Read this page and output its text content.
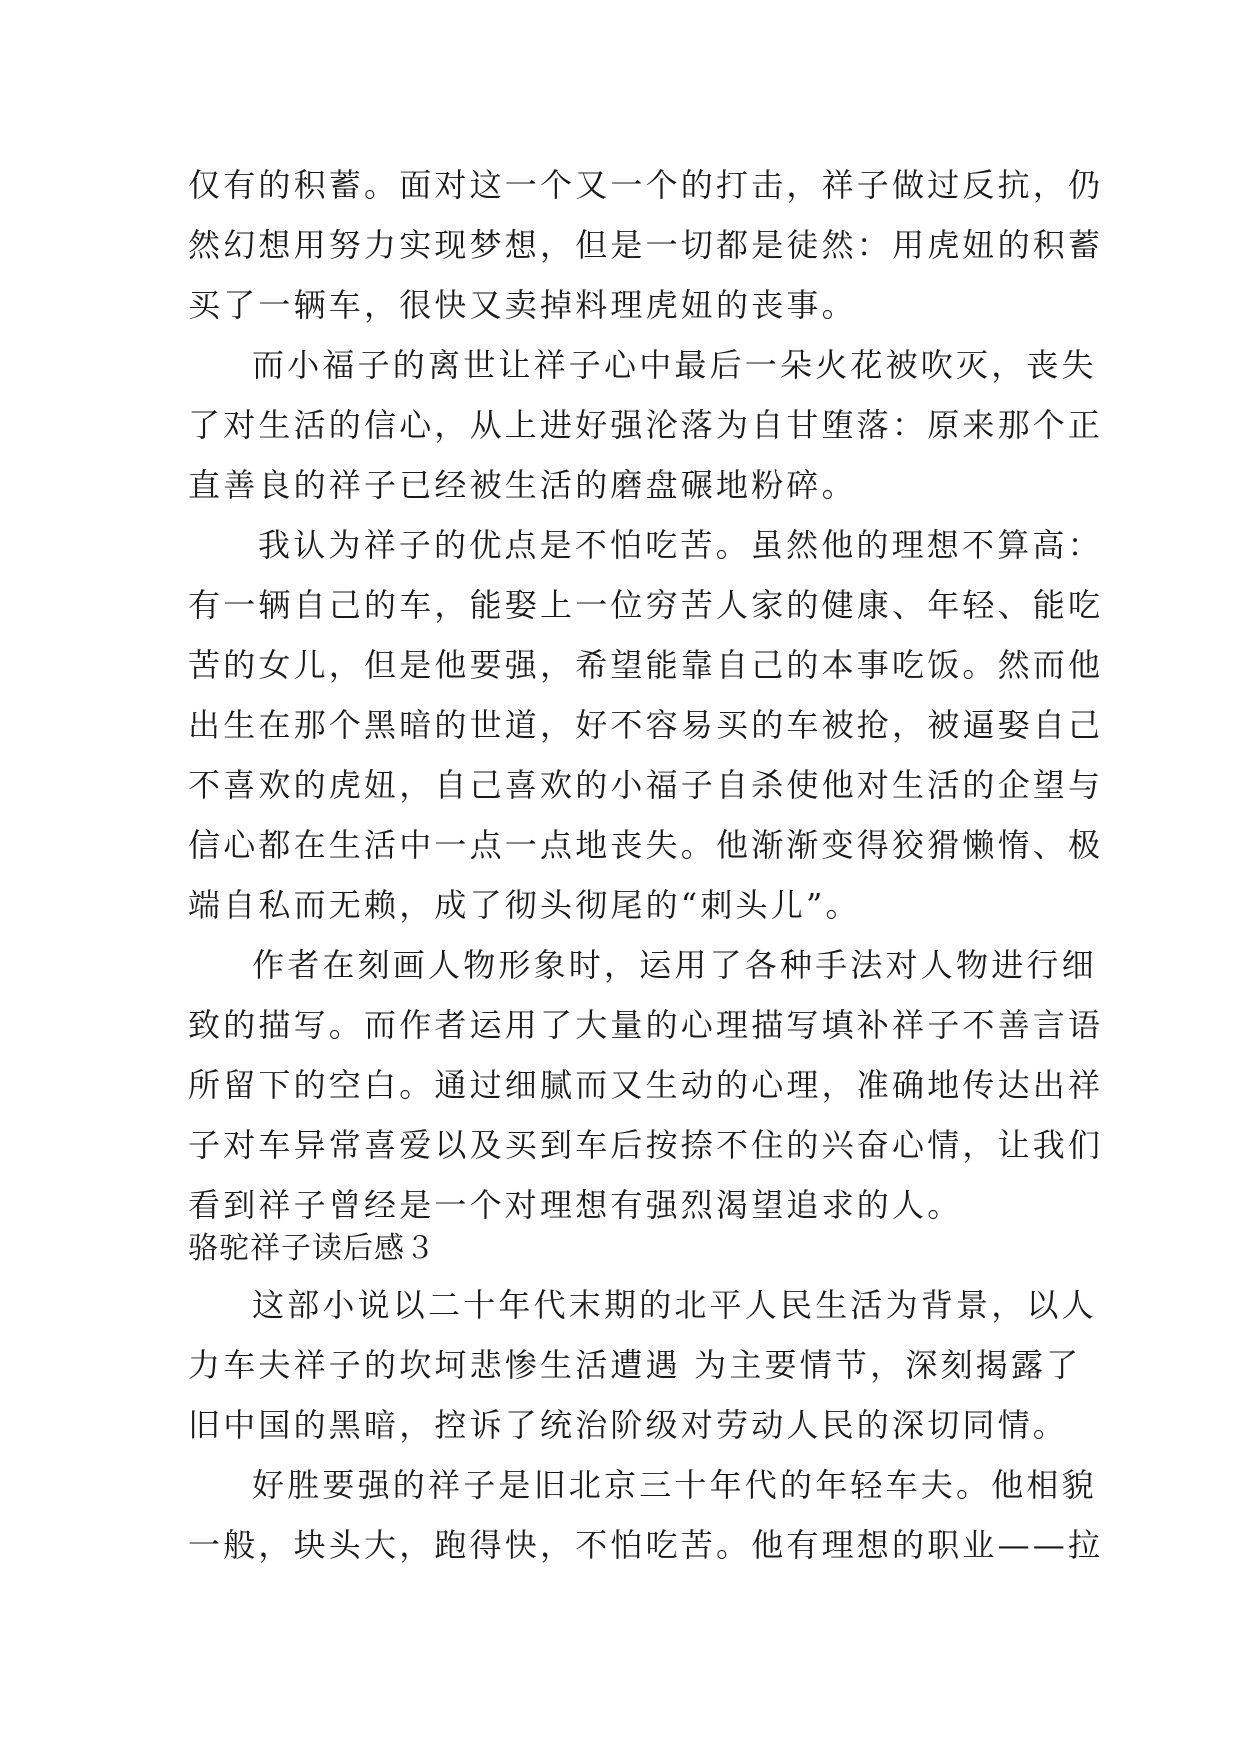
仅有的积蓄。面对这一个又一个的打击，祥子做过反抗，仍
然幻想用努力实现梦想，但是一切都是徒然：用虎妞的积蓄
买了一辆车，很快又卖掉料理虎妞的丧事。
而小福子的离世让祥子心中最后一朵火花被吹灭，丧失
了对生活的信心，从上进好强沦落为自甘堕落：原来那个正
直善良的祥子已经被生活的磨盘碾地粉碎。
我认为祥子的优点是不怕吃苦。虽然他的理想不算高：
有一辆自己的车，能娶上一位穷苦人家的健康、年轻、能吃
苦的女儿，但是他要强，希望能靠自己的本事吃饭。然而他
出生在那个黑暗的世道，好不容易买的车被抢，被逼娶自己
不喜欢的虎妞，自己喜欢的小福子自杀使他对生活的企望与
信心都在生活中一点一点地丧失。他渐渐变得狡猾懒惰、极
端自私而无赖，成了彻头彻尾的“刺头儿”。
作者在刻画人物形象时，运用了各种手法对人物进行细
致的描写。而作者运用了大量的心理描写填补祥子不善言语
所留下的空白。通过细腻而又生动的心理，准确地传达出祥
子对车异常喜爱以及买到车后按捺不住的兴奋心情，让我们
看到祥子曾经是一个对理想有强烈渴望追求的人。
骆驼祥子读后感３
这部小说以二十年代末期的北平人民生活为背景，以人
力车夫祥子的坎坷悲惨生活遭遇 为主要情节，深刻揭露了
旧中国的黑暗，控诉了统治阶级对劳动人民的深切同情。
好胜要强的祥子是旧北京三十年代的年轻车夫。他相貌
一般，块头大，跑得快，不怕吃苦。他有理想的职业——拉
